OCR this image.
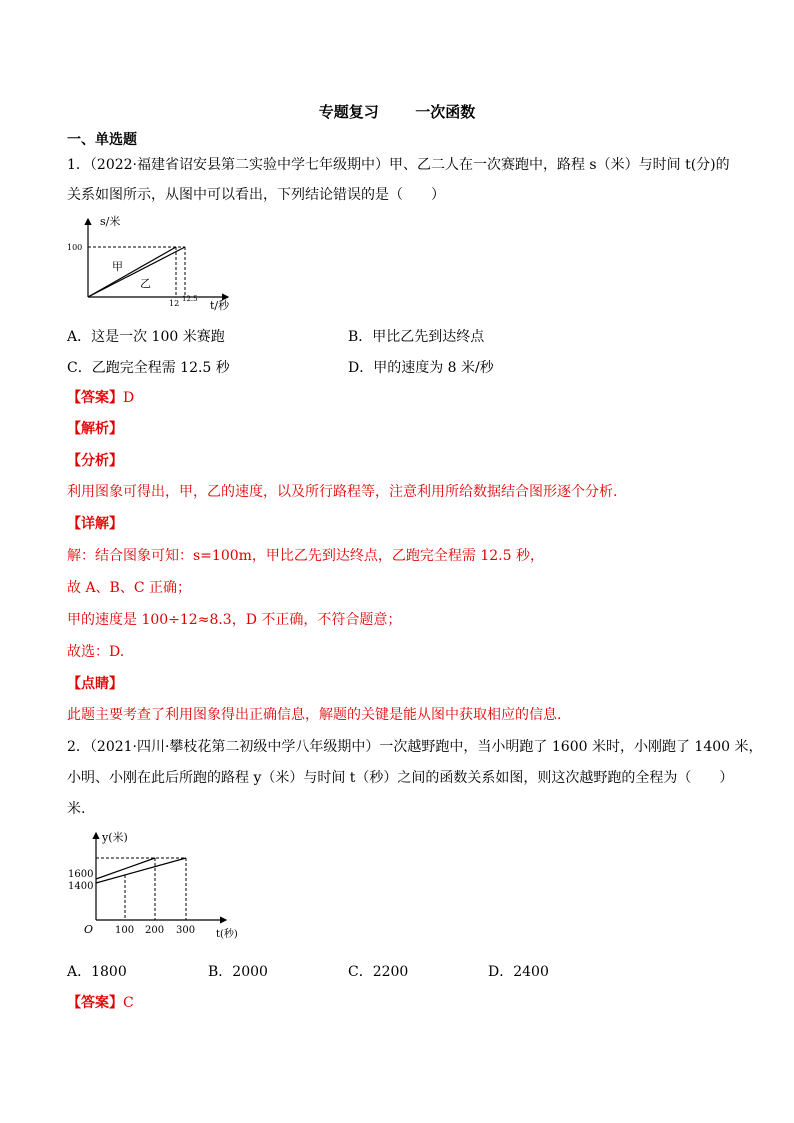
专题复习 一次函数
一、单选题
1．（2022·福建省诏安县第二实验中学七年级期中）甲、乙二人在一次赛跑中，路程 s（米）与时间 t(分)的
关系如图所示，从图中可以看出，下列结论错误的是（　　）
s/米
100
甲
乙
12 12.5 t/秒
A．这是一次 100 米赛跑	B．甲比乙先到达终点
C．乙跑完全程需 12.5 秒	D．甲的速度为 8 米/秒
【答案】D
【解析】
【分析】
利用图象可得出，甲，乙的速度，以及所行路程等，注意利用所给数据结合图形逐个分析.
【详解】
解：结合图象可知：s=100m，甲比乙先到达终点，乙跑完全程需 12.5 秒，
故 A、B、C 正确；
甲的速度是 100÷12≈8.3，D 不正确，不符合题意；
故选：D.
【点睛】
此题主要考查了利用图象得出正确信息，解题的关键是能从图中获取相应的信息.
2．（2021·四川·攀枝花第二初级中学八年级期中）一次越野跑中，当小明跑了 1600 米时，小刚跑了 1400 米，
小明、小刚在此后所跑的路程 y（米）与时间 t（秒）之间的函数关系如图，则这次越野跑的全程为（　　）
米.
y(米)
1600
1400
O 100 200 300 t(秒)
A．1800	B．2000	C．2200	D．2400
【答案】C
